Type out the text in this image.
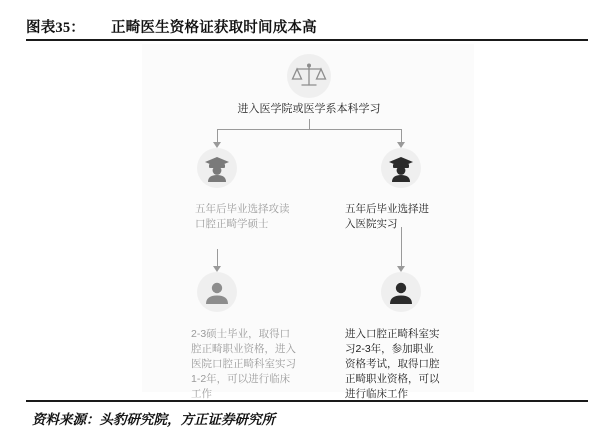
图表35： 正畸医生资格证获取时间成本高
进入医学院或医学系本科学习
五年后毕业选择攻读口腔正畸学硕士
五年后毕业选择进入医院实习
2-3硕士毕业，取得口腔正畸职业资格，进入医院口腔正畸科室实习1-2年，可以进行临床工作
进入口腔正畸科室实习2-3年，参加职业资格考试，取得口腔正畸职业资格，可以进行临床工作
资料来源：头豹研究院，方正证券研究所
